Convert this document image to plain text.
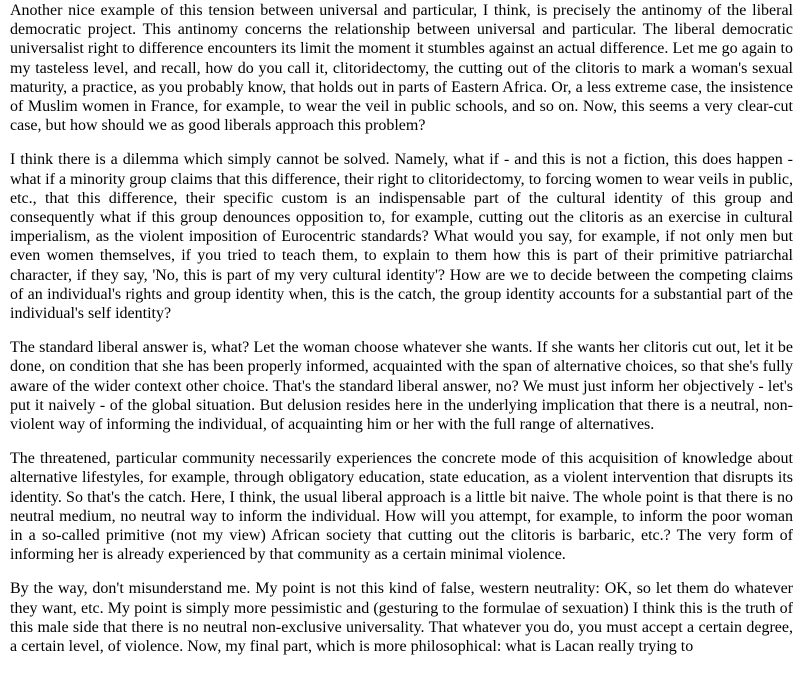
Another nice example of this tension between universal and particular, I think, is precisely the antinomy of the liberal democratic project. This antinomy concerns the relationship between universal and particular. The liberal democratic universalist right to difference encounters its limit the moment it stumbles against an actual difference. Let me go again to my tasteless level, and recall, how do you call it, clitoridectomy, the cutting out of the clitoris to mark a woman's sexual maturity, a practice, as you probably know, that holds out in parts of Eastern Africa. Or, a less extreme case, the insistence of Muslim women in France, for example, to wear the veil in public schools, and so on. Now, this seems a very clear-cut case, but how should we as good liberals approach this problem?

I think there is a dilemma which simply cannot be solved. Namely, what if - and this is not a fiction, this does happen - what if a minority group claims that this difference, their right to clitoridectomy, to forcing women to wear veils in public, etc., that this difference, their specific custom is an indispensable part of the cultural identity of this group and consequently what if this group denounces opposition to, for example, cutting out the clitoris as an exercise in cultural imperialism, as the violent imposition of Eurocentric standards? What would you say, for example, if not only men but even women themselves, if you tried to teach them, to explain to them how this is part of their primitive patriarchal character, if they say, 'No, this is part of my very cultural identity'? How are we to decide between the competing claims of an individual's rights and group identity when, this is the catch, the group identity accounts for a substantial part of the individual's self identity?

The standard liberal answer is, what? Let the woman choose whatever she wants. If she wants her clitoris cut out, let it be done, on condition that she has been properly informed, acquainted with the span of alternative choices, so that she's fully aware of the wider context other choice. That's the standard liberal answer, no? We must just inform her objectively - let's put it naively - of the global situation. But delusion resides here in the underlying implication that there is a neutral, non-violent way of informing the individual, of acquainting him or her with the full range of alternatives.

The threatened, particular community necessarily experiences the concrete mode of this acquisition of knowledge about alternative lifestyles, for example, through obligatory education, state education, as a violent intervention that disrupts its identity. So that's the catch. Here, I think, the usual liberal approach is a little bit naive. The whole point is that there is no neutral medium, no neutral way to inform the individual. How will you attempt, for example, to inform the poor woman in a so-called primitive (not my view) African society that cutting out the clitoris is barbaric, etc.? The very form of informing her is already experienced by that community as a certain minimal violence.

By the way, don't misunderstand me. My point is not this kind of false, western neutrality: OK, so let them do whatever they want, etc. My point is simply more pessimistic and (gesturing to the formulae of sexuation) I think this is the truth of this male side that there is no neutral non-exclusive universality. That whatever you do, you must accept a certain degree, a certain level, of violence. Now, my final part, which is more philosophical: what is Lacan really trying to
